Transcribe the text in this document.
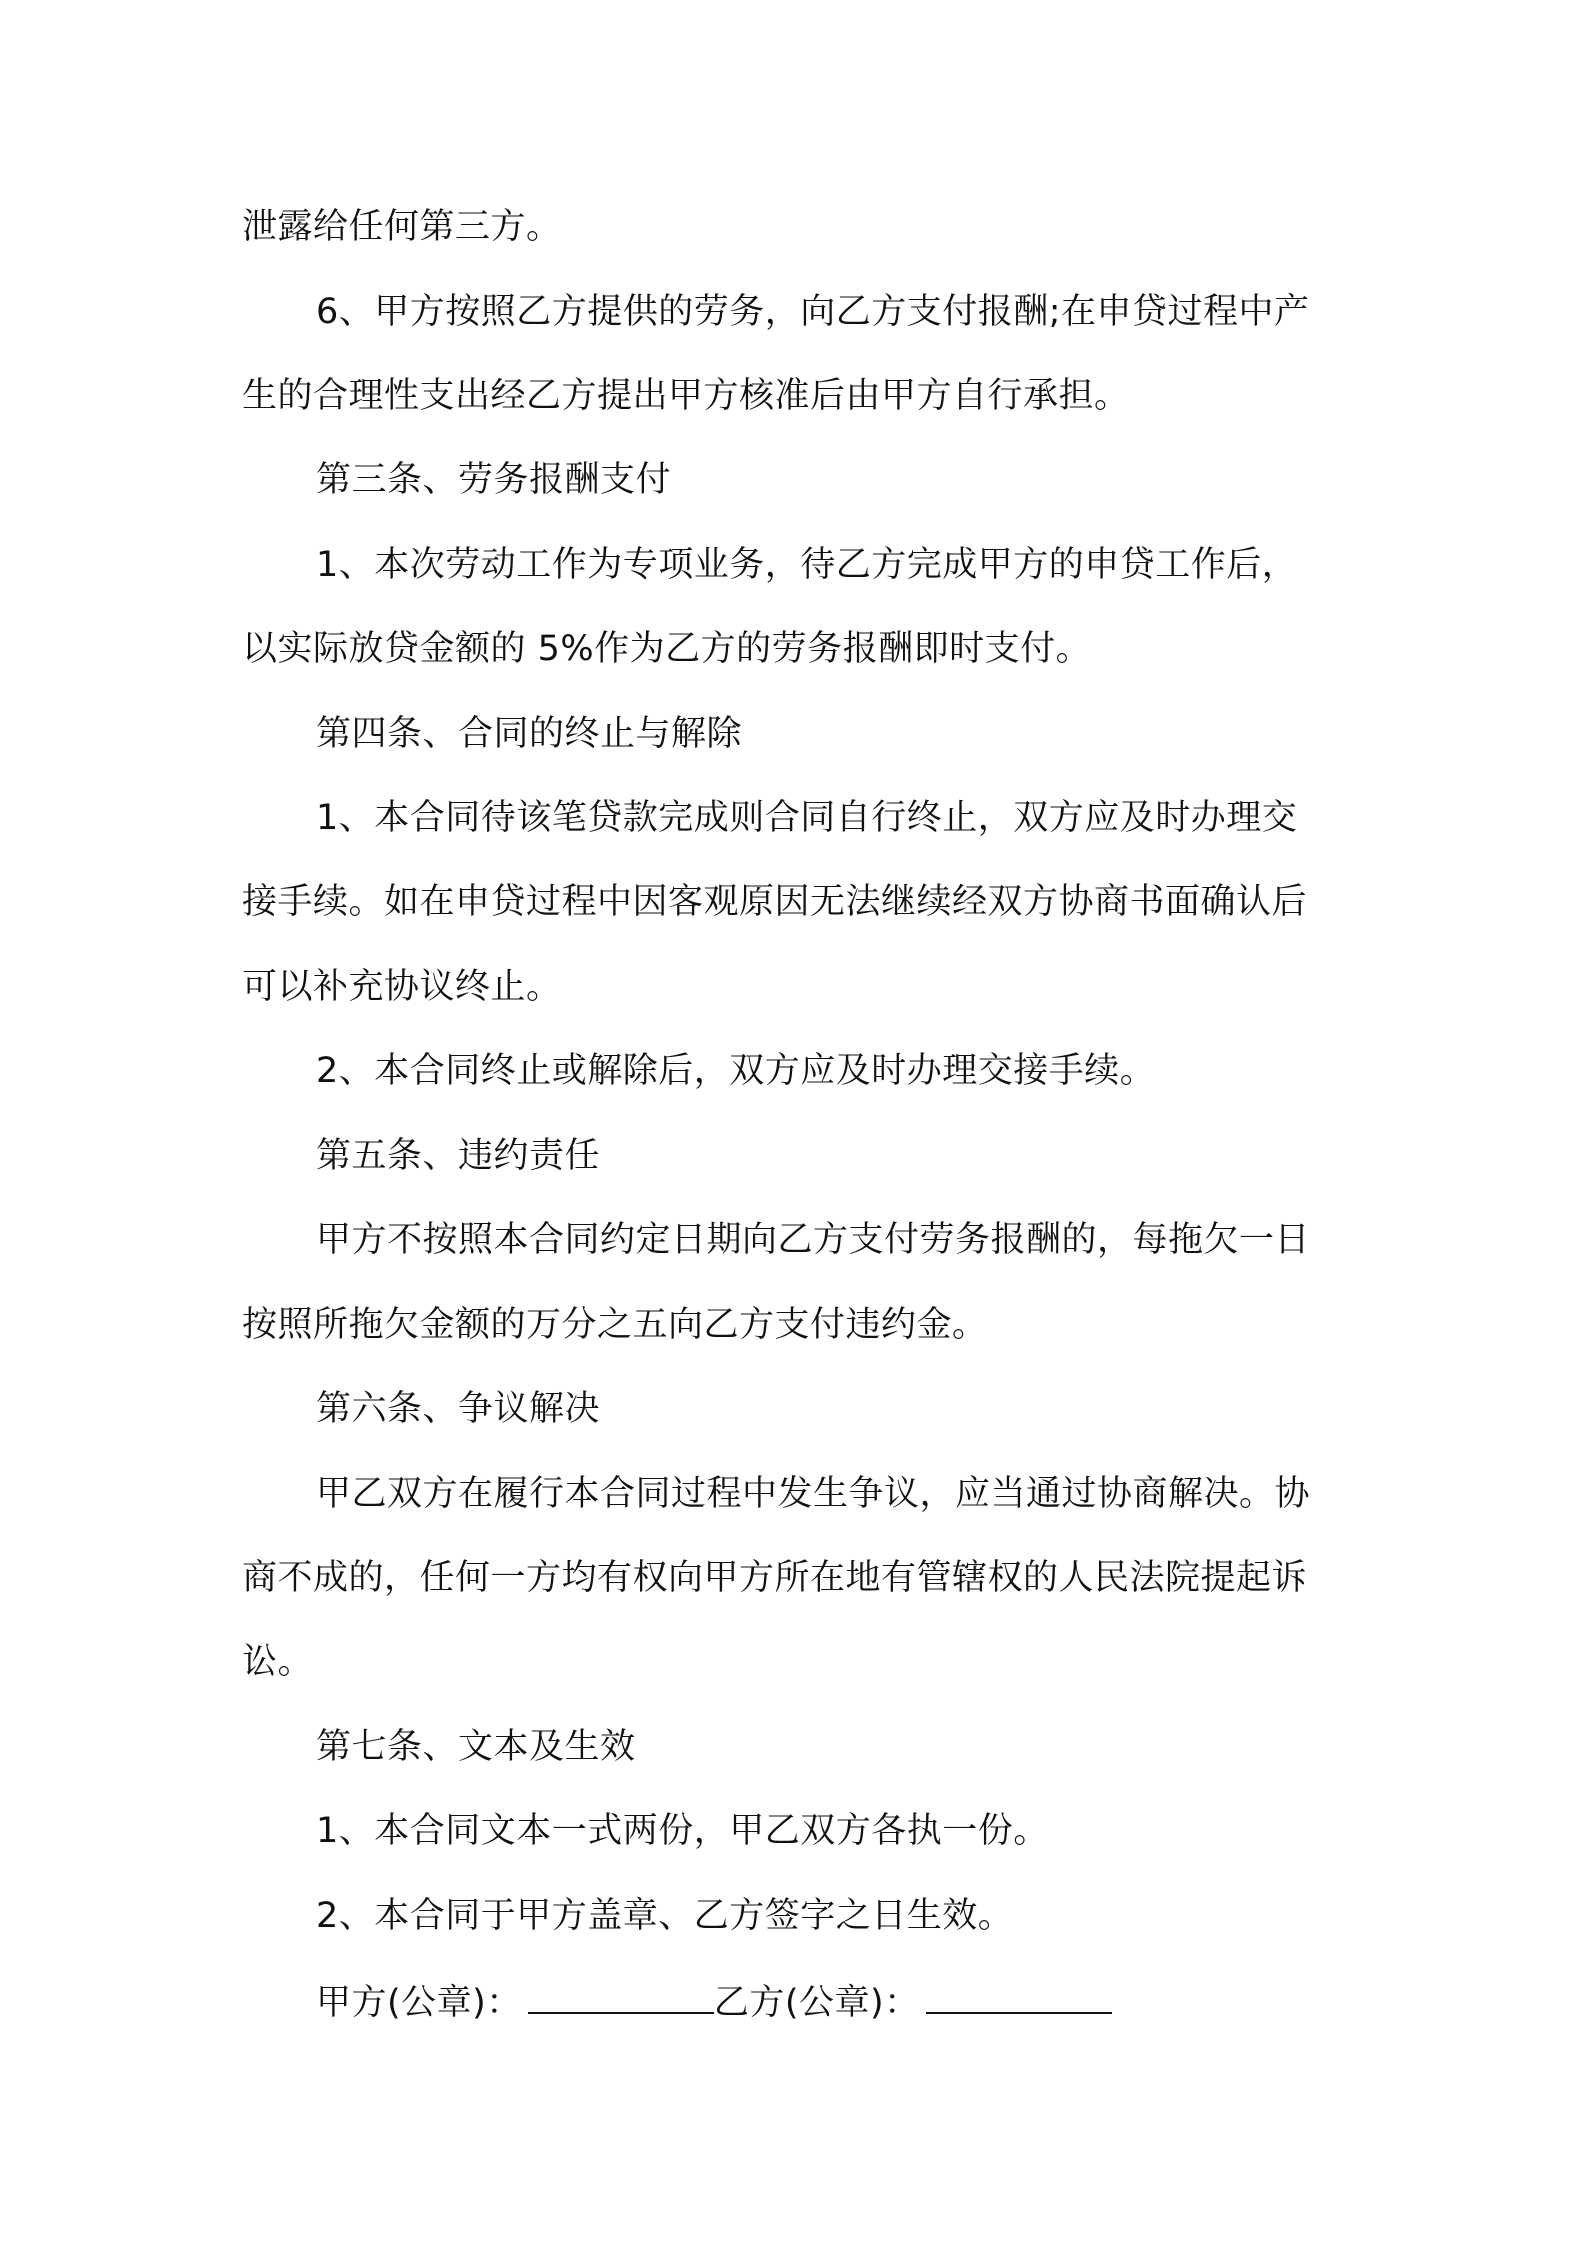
泄露给任何第三方。
6、甲方按照乙方提供的劳务，向乙方支付报酬;在申贷过程中产
生的合理性支出经乙方提出甲方核准后由甲方自行承担。
第三条、劳务报酬支付
1、本次劳动工作为专项业务，待乙方完成甲方的申贷工作后，
以实际放贷金额的 5%作为乙方的劳务报酬即时支付。
第四条、合同的终止与解除
1、本合同待该笔贷款完成则合同自行终止，双方应及时办理交
接手续。如在申贷过程中因客观原因无法继续经双方协商书面确认后
可以补充协议终止。
2、本合同终止或解除后，双方应及时办理交接手续。
第五条、违约责任
甲方不按照本合同约定日期向乙方支付劳务报酬的，每拖欠一日
按照所拖欠金额的万分之五向乙方支付违约金。
第六条、争议解决
甲乙双方在履行本合同过程中发生争议，应当通过协商解决。协
商不成的，任何一方均有权向甲方所在地有管辖权的人民法院提起诉
讼。
第七条、文本及生效
1、本合同文本一式两份，甲乙双方各执一份。
2、本合同于甲方盖章、乙方签字之日生效。
甲方(公章)：	乙方(公章)：
